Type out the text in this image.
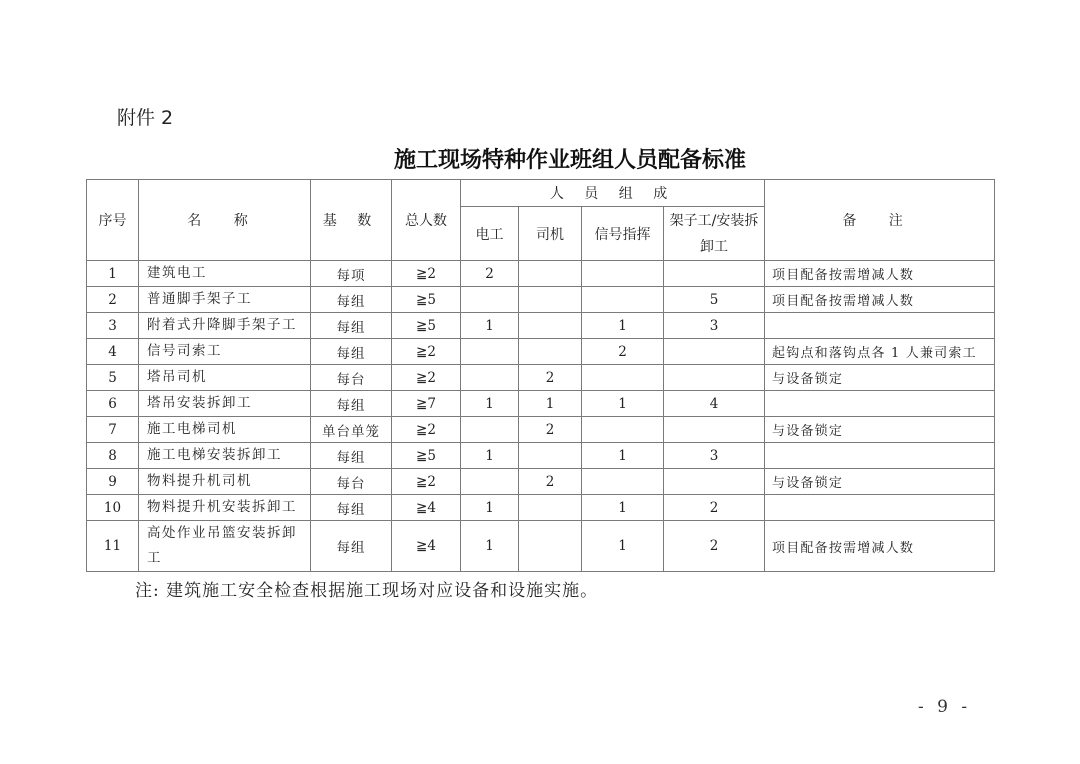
附件 2
施工现场特种作业班组人员配备标准
序号	名 称	基 数	总人数	人 员 组 成				备 注
				电工	司机	信号指挥	架子工/安装拆卸工	
1	建筑电工	每项	≧2	2				项目配备按需增减人数
2	普通脚手架子工	每组	≧5				5	项目配备按需增减人数
3	附着式升降脚手架子工	每组	≧5	1		1	3	
4	信号司索工	每组	≧2			2		起钩点和落钩点各 1 人兼司索工
5	塔吊司机	每台	≧2		2			与设备锁定
6	塔吊安装拆卸工	每组	≧7	1	1	1	4	
7	施工电梯司机	单台单笼	≧2		2			与设备锁定
8	施工电梯安装拆卸工	每组	≧5	1		1	3	
9	物料提升机司机	每台	≧2		2			与设备锁定
10	物料提升机安装拆卸工	每组	≧4	1		1	2	
11	高处作业吊篮安装拆卸工	每组	≧4	1		1	2	项目配备按需增减人数
注: 建筑施工安全检查根据施工现场对应设备和设施实施。
- 9 -
